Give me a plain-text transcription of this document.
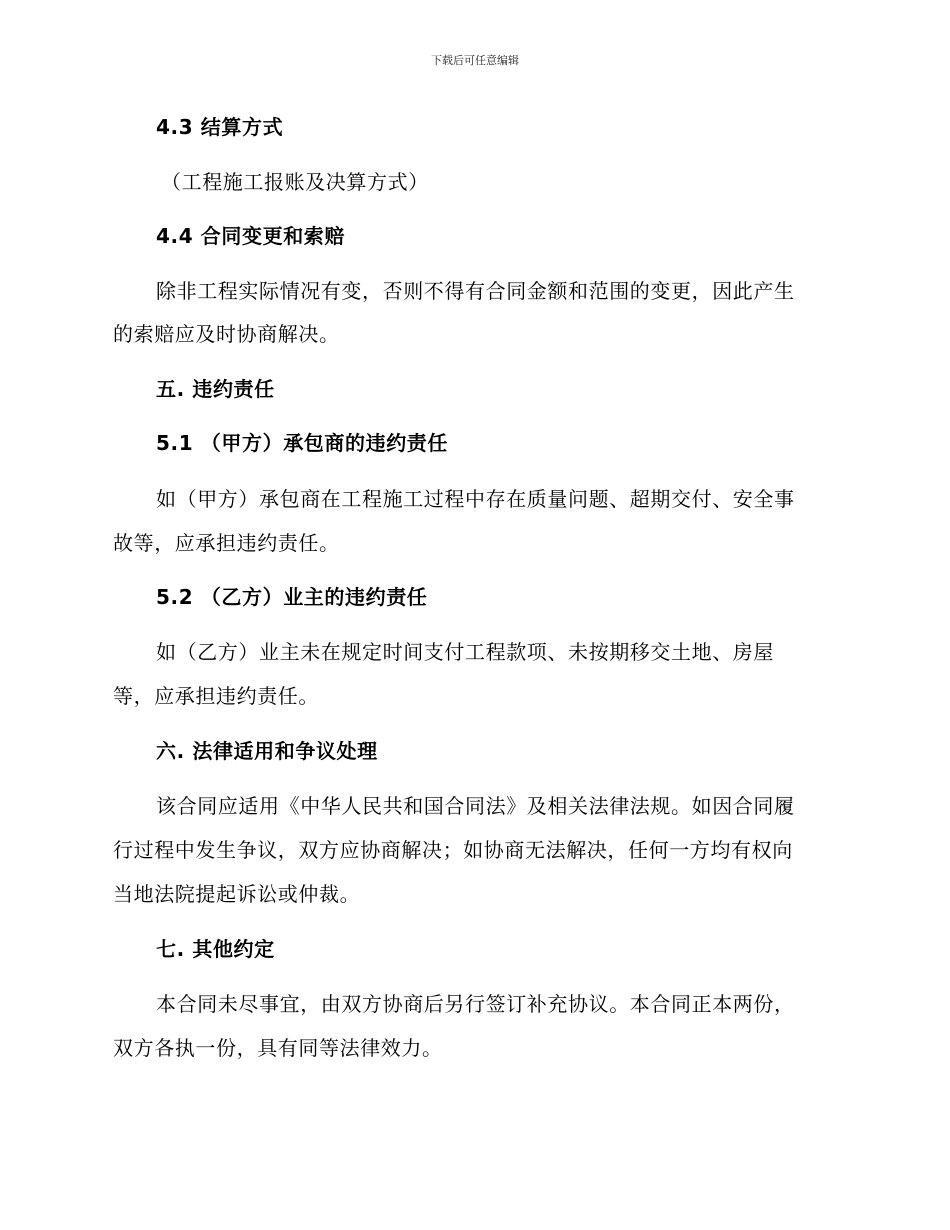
下载后可任意编辑
4.3 结算方式
（工程施工报账及决算方式）
4.4 合同变更和索赔
除非工程实际情况有变，否则不得有合同金额和范围的变更，因此产生
的索赔应及时协商解决。
五. 违约责任
5.1 （甲方）承包商的违约责任
如（甲方）承包商在工程施工过程中存在质量问题、超期交付、安全事
故等，应承担违约责任。
5.2 （乙方）业主的违约责任
如（乙方）业主未在规定时间支付工程款项、未按期移交土地、房屋
等，应承担违约责任。
六. 法律适用和争议处理
该合同应适用《中华人民共和国合同法》及相关法律法规。如因合同履
行过程中发生争议，双方应协商解决；如协商无法解决，任何一方均有权向
当地法院提起诉讼或仲裁。
七. 其他约定
本合同未尽事宜，由双方协商后另行签订补充协议。本合同正本两份，
双方各执一份，具有同等法律效力。
